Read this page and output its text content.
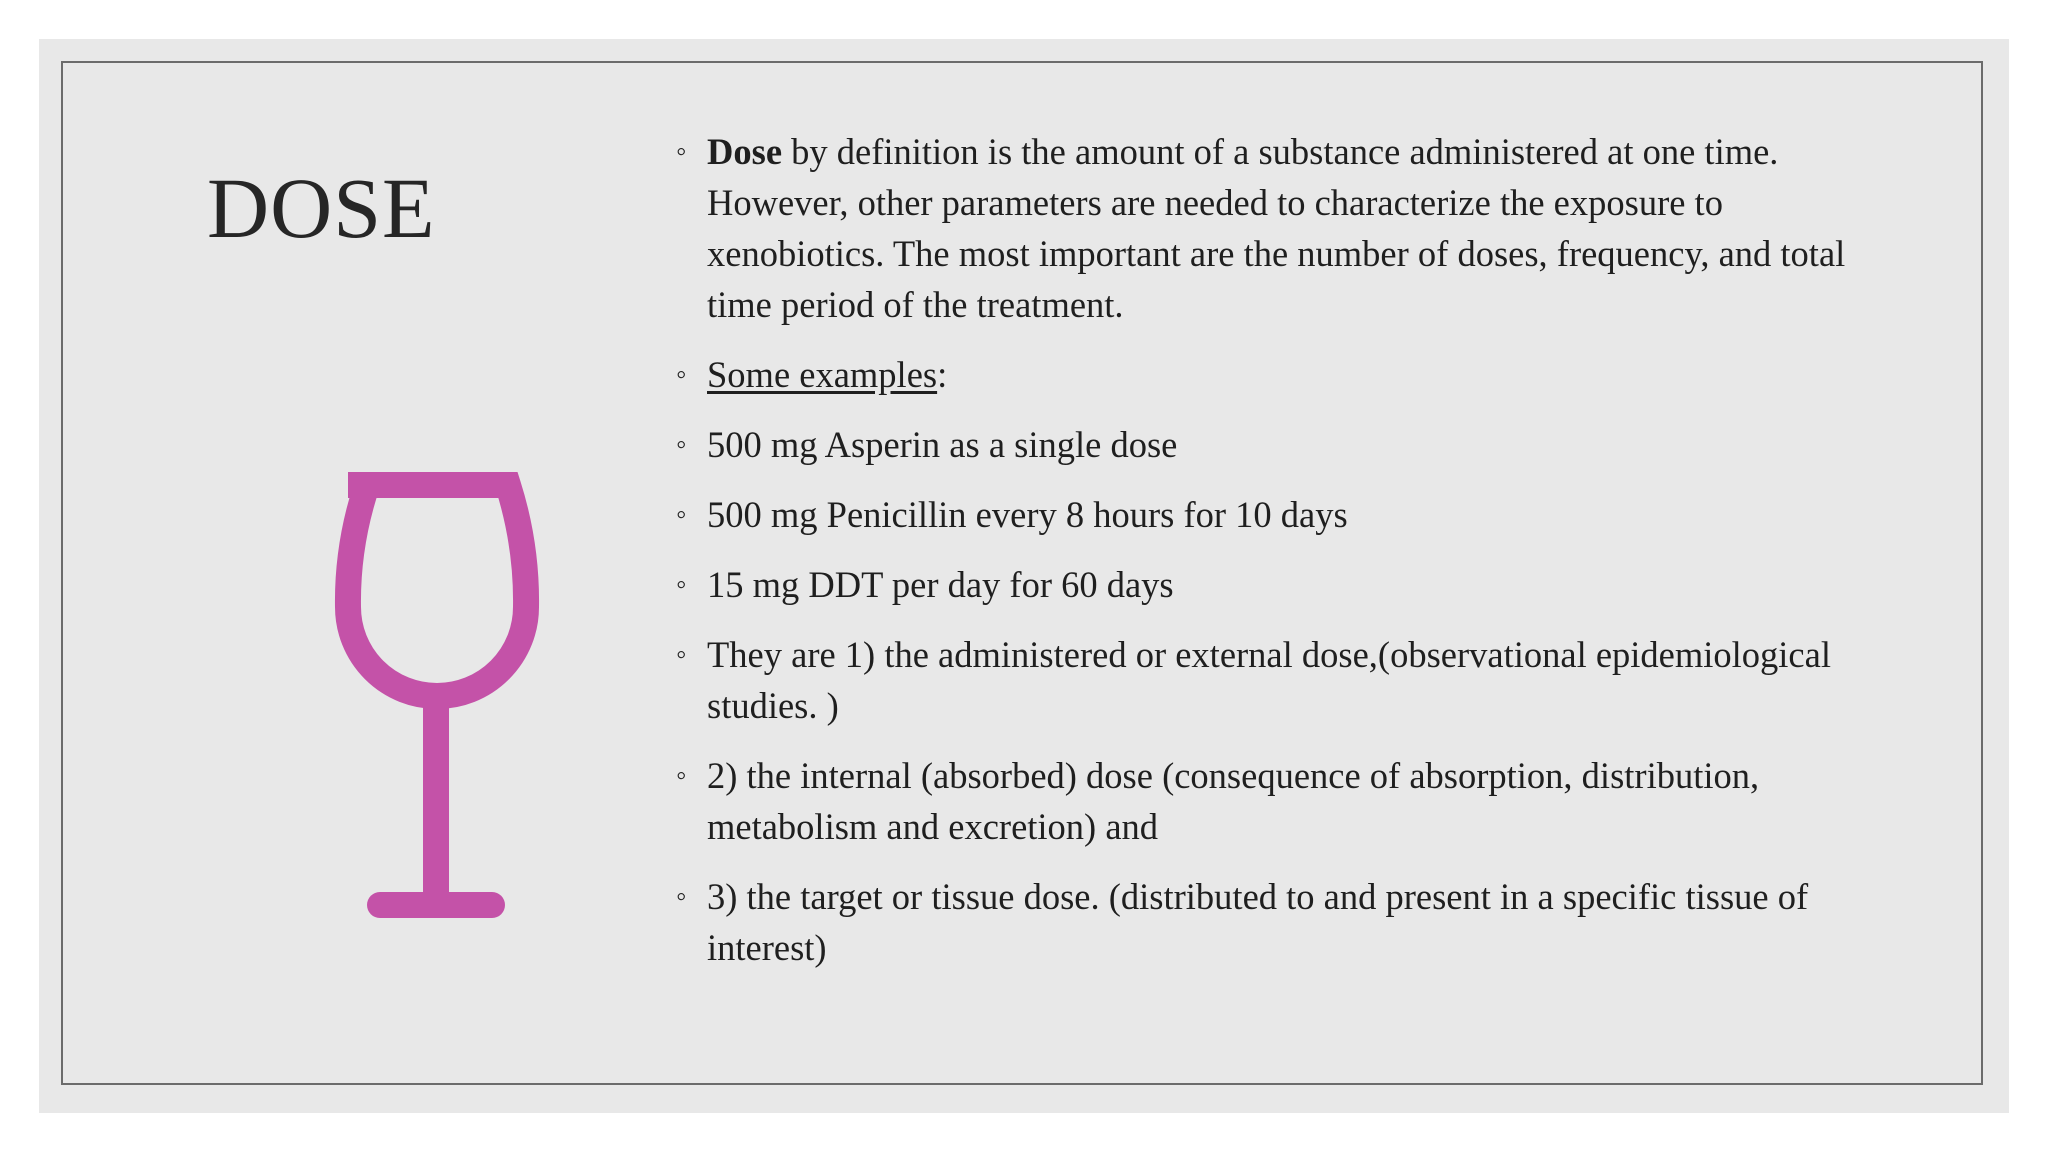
DOSE
◦ Dose by definition is the amount of a substance administered at one time. However, other parameters are needed to characterize the exposure to xenobiotics. The most important are the number of doses, frequency, and total time period of the treatment.
◦ Some examples:
◦ 500 mg Asperin as a single dose
◦ 500 mg Penicillin every 8 hours for 10 days
◦ 15 mg DDT per day for 60 days
◦ They are 1) the administered or external dose,(observational epidemiological studies. )
◦ 2) the internal (absorbed) dose (consequence of absorption, distribution, metabolism and excretion) and
◦ 3) the target or tissue dose. (distributed to and present in a specific tissue of interest)
